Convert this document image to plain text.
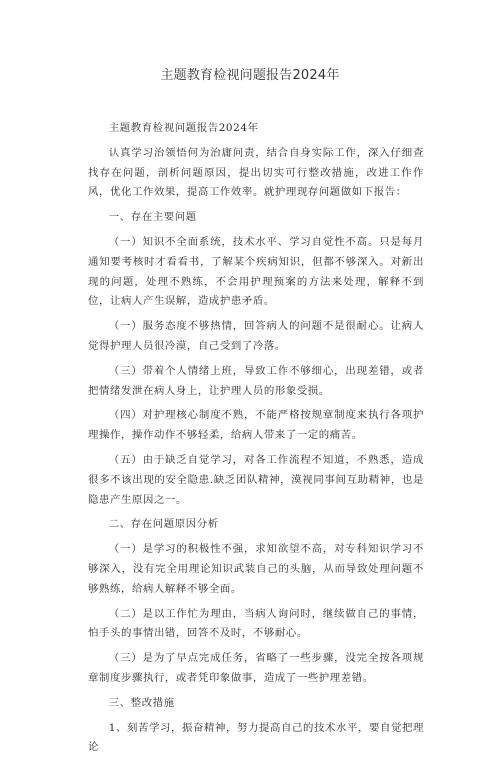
主题教育检视问题报告2024年

主题教育检视问题报告2024年

认真学习治领悟何为治庸问责，结合自身实际工作，深入仔细查找存在问题，剖析问题原因，提出切实可行整改措施，改进工作作风，优化工作效果，提高工作效率。就护理现存问题做如下报告：

一、存在主要问题

（一）知识不全面系统，技术水平、学习自觉性不高。只是每月通知要考核时才看看书，了解某个疾病知识，但都不够深入。对新出现的问题，处理不熟练，不会用护理预案的方法来处理，解释不到位，让病人产生误解，造成护患矛盾。

（一）服务态度不够热情，回答病人的问题不是很耐心。让病人觉得护理人员很冷漠，自己受到了冷落。

（三）带着个人情绪上班，导致工作不够细心，出现差错，或者把情绪发泄在病人身上，让护理人员的形象受损。

（四）对护理核心制度不熟，不能严格按规章制度来执行各项护理操作，操作动作不够轻柔，给病人带来了一定的痛苦。

（五）由于缺乏自觉学习，对各工作流程不知道，不熟悉，造成很多不该出现的安全隐患.缺乏团队精神，漠视同事间互助精神，也是隐患产生原因之一。

二、存在问题原因分析

（一）是学习的积极性不强，求知欲望不高，对专科知识学习不够深入，没有完全用理论知识武装自己的头脑，从而导致处理问题不够熟练，给病人解释不够全面。

（二）是以工作忙为理由，当病人询问时，继续做自己的事情，怕手头的事情出错，回答不及时，不够耐心。

（三）是为了早点完成任务，省略了一些步骤，没完全按各项规章制度步骤执行，或者凭印象做事，造成了一些护理差错。

三、整改措施

1、刻苦学习，振奋精神，努力提高自己的技术水平，要自觉把理论
